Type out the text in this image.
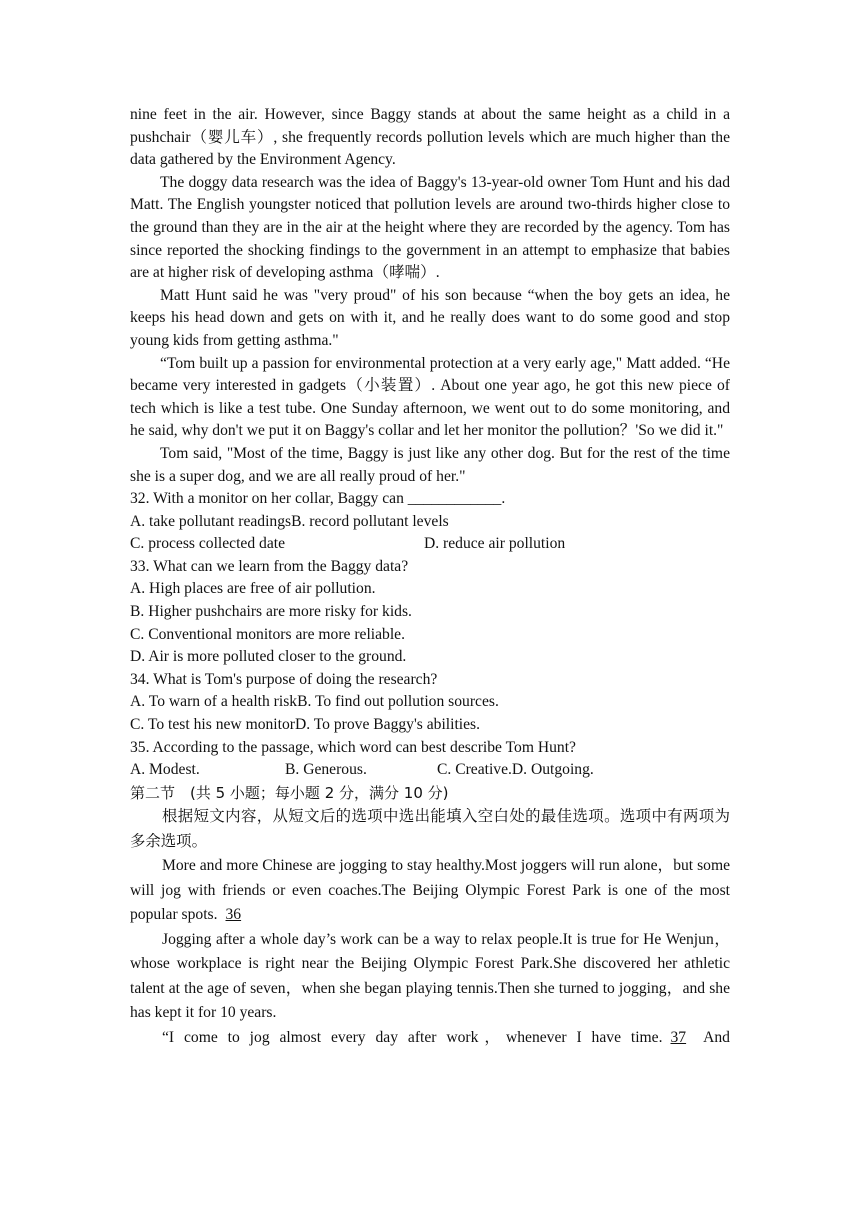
nine feet in the air. However, since Baggy stands at about the same height as a child in a pushchair（婴儿车）, she frequently records pollution levels which are much higher than the data gathered by the Environment Agency.

The doggy data research was the idea of Baggy's 13-year-old owner Tom Hunt and his dad Matt. The English youngster noticed that pollution levels are around two-thirds higher close to the ground than they are in the air at the height where they are recorded by the agency. Tom has since reported the shocking findings to the government in an attempt to emphasize that babies are at higher risk of developing asthma（哮喘）.

Matt Hunt said he was "very proud" of his son because “when the boy gets an idea, he keeps his head down and gets on with it, and he really does want to do some good and stop young kids from getting asthma."

“Tom built up a passion for environmental protection at a very early age," Matt added. “He became very interested in gadgets（小装置）. About one year ago, he got this new piece of tech which is like a test tube. One Sunday afternoon, we went out to do some monitoring, and he said, why don't we put it on Baggy's collar and let her monitor the pollution？'So we did it."

Tom said, "Most of the time, Baggy is just like any other dog. But for the rest of the time she is a super dog, and we are all really proud of her."

32. With a monitor on her collar, Baggy can ____________.

A. take pollutant readingsB. record pollutant levels

C. process collected date	D. reduce air pollution

33. What can we learn from the Baggy data?

A. High places are free of air pollution.

B. Higher pushchairs are more risky for kids.

C. Conventional monitors are more reliable.

D. Air is more polluted closer to the ground.

34. What is Tom's purpose of doing the research?

A. To warn of a health riskB. To find out pollution sources.

C. To test his new monitorD. To prove Baggy's abilities.

35. According to the passage, which word can best describe Tom Hunt?

A. Modest.	B. Generous.	C. Creative.D. Outgoing.

第二节　(共 5 小题；每小题 2 分，满分 10 分)

根据短文内容，从短文后的选项中选出能填入空白处的最佳选项。选项中有两项为多余选项。

More and more Chinese are jogging to stay healthy.Most joggers will run alone，but some will jog with friends or even coaches.The Beijing Olympic Forest Park is one of the most popular spots. 36

Jogging after a whole day’s work can be a way to relax people.It is true for He Wenjun， whose workplace is right near the Beijing Olympic Forest Park.She discovered her athletic talent at the age of seven，when she began playing tennis.Then she turned to jogging，and she has kept it for 10 years.

“I come to jog almost every day after work，whenever I have time. 37 And
